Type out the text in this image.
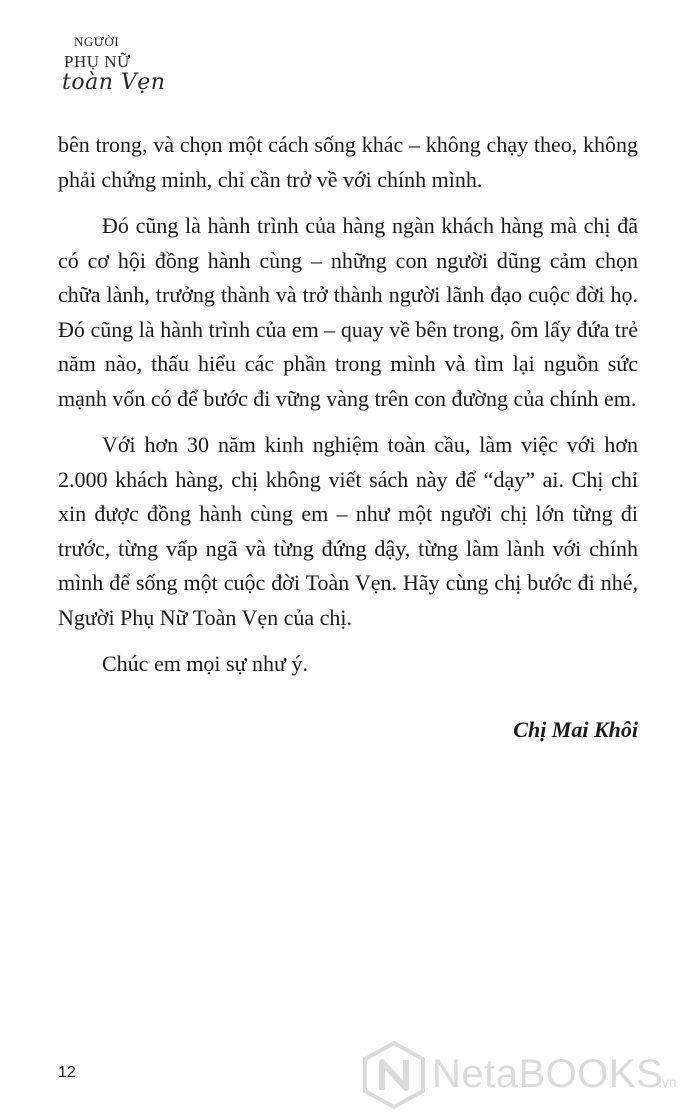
NGƯỜI
PHỤ NỮ
toàn Vẹn

bên trong, và chọn một cách sống khác – không chạy theo, không phải chứng minh, chỉ cần trở về với chính mình.

Đó cũng là hành trình của hàng ngàn khách hàng mà chị đã có cơ hội đồng hành cùng – những con người dũng cảm chọn chữa lành, trưởng thành và trở thành người lãnh đạo cuộc đời họ. Đó cũng là hành trình của em – quay về bên trong, ôm lấy đứa trẻ năm nào, thấu hiểu các phần trong mình và tìm lại nguồn sức mạnh vốn có để bước đi vững vàng trên con đường của chính em.

Với hơn 30 năm kinh nghiệm toàn cầu, làm việc với hơn 2.000 khách hàng, chị không viết sách này để “dạy” ai. Chị chỉ xin được đồng hành cùng em – như một người chị lớn từng đi trước, từng vấp ngã và từng đứng dậy, từng làm lành với chính mình để sống một cuộc đời Toàn Vẹn. Hãy cùng chị bước đi nhé, Người Phụ Nữ Toàn Vẹn của chị.

Chúc em mọi sự như ý.

Chị Mai Khôi
12	NetaBOOKS
.vn
